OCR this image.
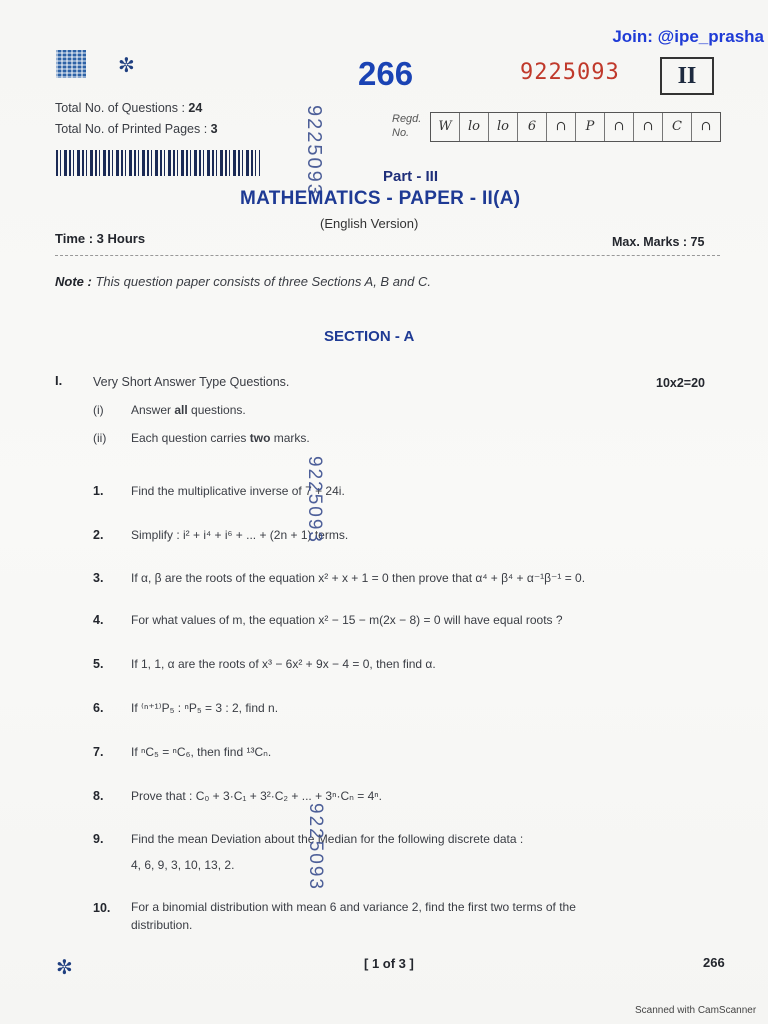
Join: @ipe_prasha
✼	266	9225093	II
Total No. of Questions : 24
Total No. of Printed Pages : 3
Regd.
No.	W	lo	lo	6	∩	P	∩	∩	C	∩
9225093	Part - III
MATHEMATICS - PAPER - II(A)
(English Version)
Time : 3 Hours	Max. Marks : 75
Note : This question paper consists of three Sections A, B and C.
SECTION - A
I. Very Short Answer Type Questions.	10x2=20
(i) Answer all questions.
(ii) Each question carries two marks.
1. Find the multiplicative inverse of 7 + 24i.
2. Simplify : i² + i⁴ + i⁶ + ... + (2n + 1) terms.
3. If α, β are the roots of the equation x² + x + 1 = 0 then prove that α⁴ + β⁴ + α⁻¹β⁻¹ = 0.
4. For what values of m, the equation x² − 15 − m(2x − 8) = 0 will have equal roots ?
5. If 1, 1, α are the roots of x³ − 6x² + 9x − 4 = 0, then find α.
6. If ⁽ⁿ⁺¹⁾P₅ : ⁿP₅ = 3 : 2, find n.
7. If ⁿC₅ = ⁿC₆, then find ¹³Cₙ.
8. Prove that : C₀ + 3·C₁ + 3²·C₂ + ... + 3ⁿ·Cₙ = 4ⁿ.
9. Find the mean Deviation about the Median for the following discrete data :
4, 6, 9, 3, 10, 13, 2.
9225093
9225093
10. For a binomial distribution with mean 6 and variance 2, find the first two terms of the
distribution.
✼	[ 1 of 3 ]	266
Scanned with CamScanner
